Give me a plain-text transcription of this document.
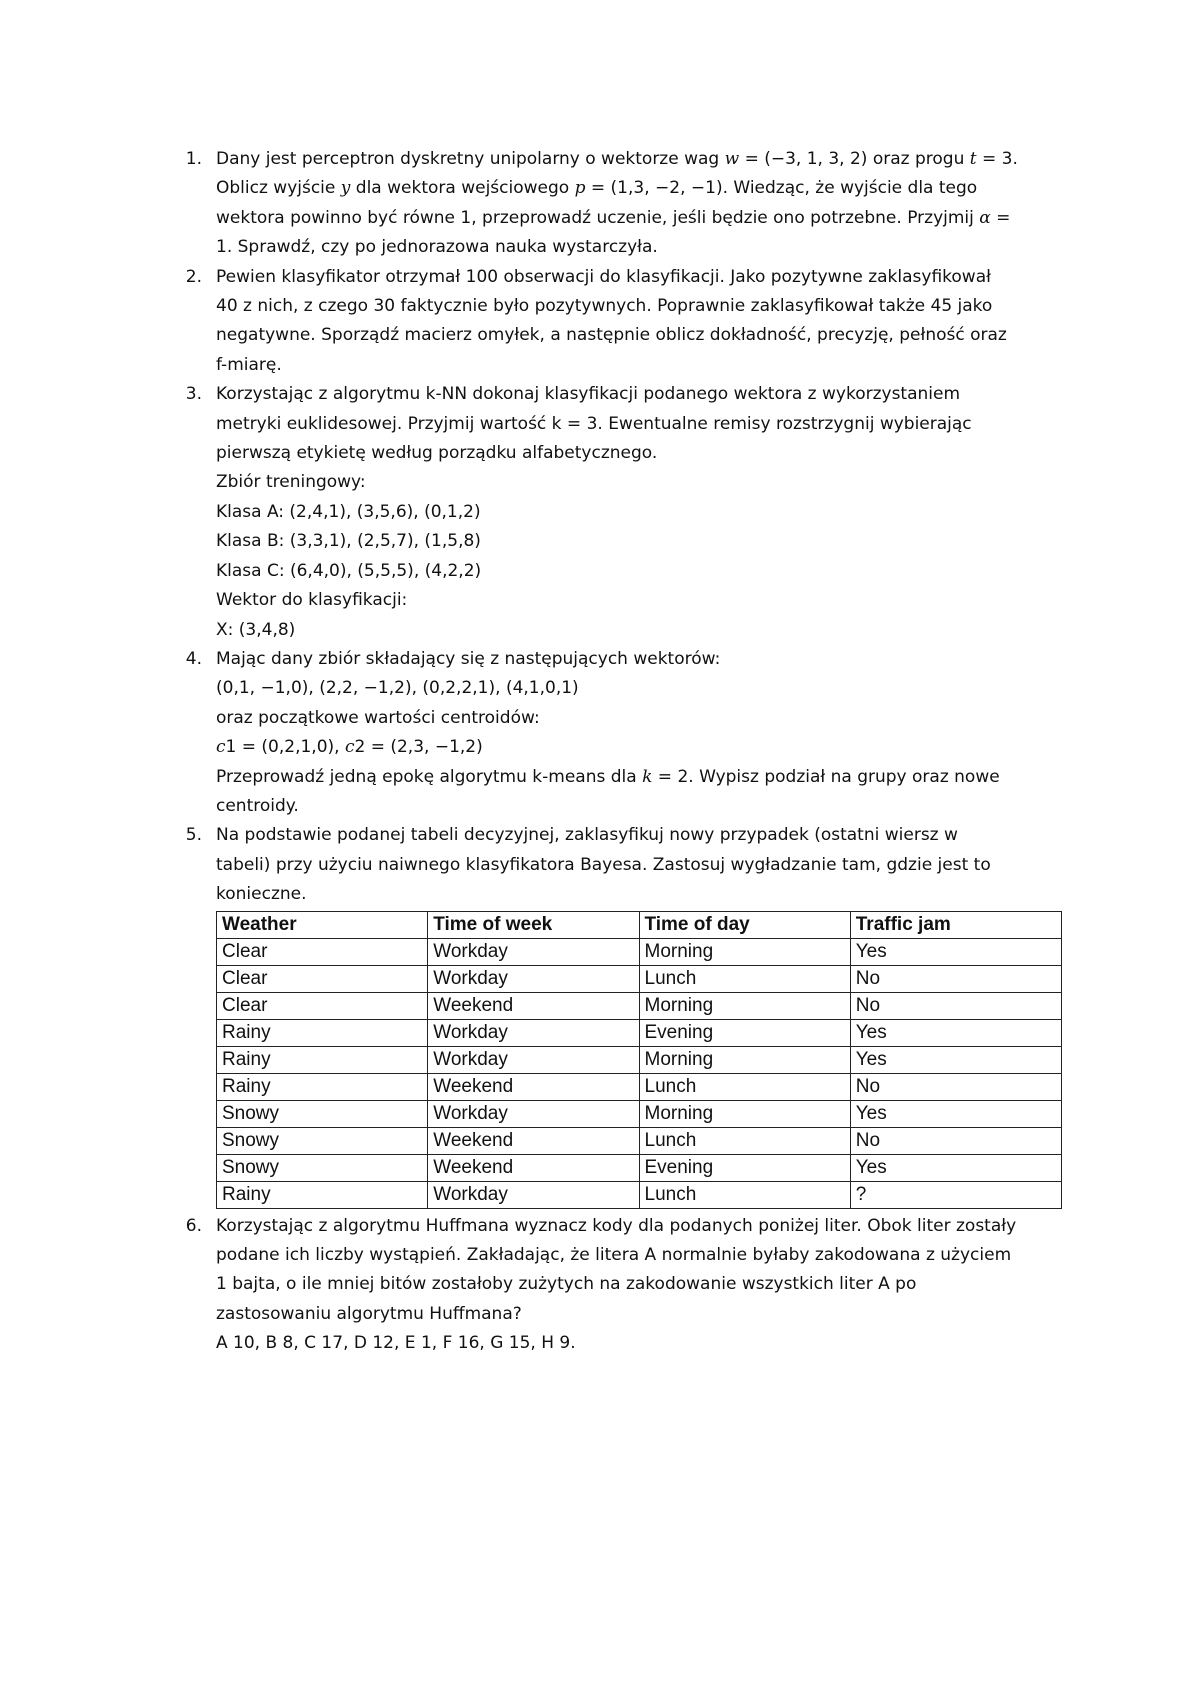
1. Dany jest perceptron dyskretny unipolarny o wektorze wag w = (−3, 1, 3, 2) oraz progu t = 3.
Oblicz wyjście y dla wektora wejściowego p = (1,3, −2, −1). Wiedząc, że wyjście dla tego
wektora powinno być równe 1, przeprowadź uczenie, jeśli będzie ono potrzebne. Przyjmij α =
1. Sprawdź, czy po jednorazowa nauka wystarczyła.
2. Pewien klasyfikator otrzymał 100 obserwacji do klasyfikacji. Jako pozytywne zaklasyfikował
40 z nich, z czego 30 faktycznie było pozytywnych. Poprawnie zaklasyfikował także 45 jako
negatywne. Sporządź macierz omyłek, a następnie oblicz dokładność, precyzję, pełność oraz
f-miarę.
3. Korzystając z algorytmu k-NN dokonaj klasyfikacji podanego wektora z wykorzystaniem
metryki euklidesowej. Przyjmij wartość k = 3. Ewentualne remisy rozstrzygnij wybierając
pierwszą etykietę według porządku alfabetycznego.
Zbiór treningowy:
Klasa A: (2,4,1), (3,5,6), (0,1,2)
Klasa B: (3,3,1), (2,5,7), (1,5,8)
Klasa C: (6,4,0), (5,5,5), (4,2,2)
Wektor do klasyfikacji:
X: (3,4,8)
4. Mając dany zbiór składający się z następujących wektorów:
(0,1, −1,0), (2,2, −1,2), (0,2,2,1), (4,1,0,1)
oraz początkowe wartości centroidów:
c1 = (0,2,1,0), c2 = (2,3, −1,2)
Przeprowadź jedną epokę algorytmu k-means dla k = 2. Wypisz podział na grupy oraz nowe
centroidy.
5. Na podstawie podanej tabeli decyzyjnej, zaklasyfikuj nowy przypadek (ostatni wiersz w
tabeli) przy użyciu naiwnego klasyfikatora Bayesa. Zastosuj wygładzanie tam, gdzie jest to
konieczne.
Weather	Time of week	Time of day	Traffic jam
Clear	Workday	Morning	Yes
Clear	Workday	Lunch	No
Clear	Weekend	Morning	No
Rainy	Workday	Evening	Yes
Rainy	Workday	Morning	Yes
Rainy	Weekend	Lunch	No
Snowy	Workday	Morning	Yes
Snowy	Weekend	Lunch	No
Snowy	Weekend	Evening	Yes
Rainy	Workday	Lunch	?
6. Korzystając z algorytmu Huffmana wyznacz kody dla podanych poniżej liter. Obok liter zostały
podane ich liczby wystąpień. Zakładając, że litera A normalnie byłaby zakodowana z użyciem
1 bajta, o ile mniej bitów zostałoby zużytych na zakodowanie wszystkich liter A po
zastosowaniu algorytmu Huffmana?
A 10, B 8, C 17, D 12, E 1, F 16, G 15, H 9.
